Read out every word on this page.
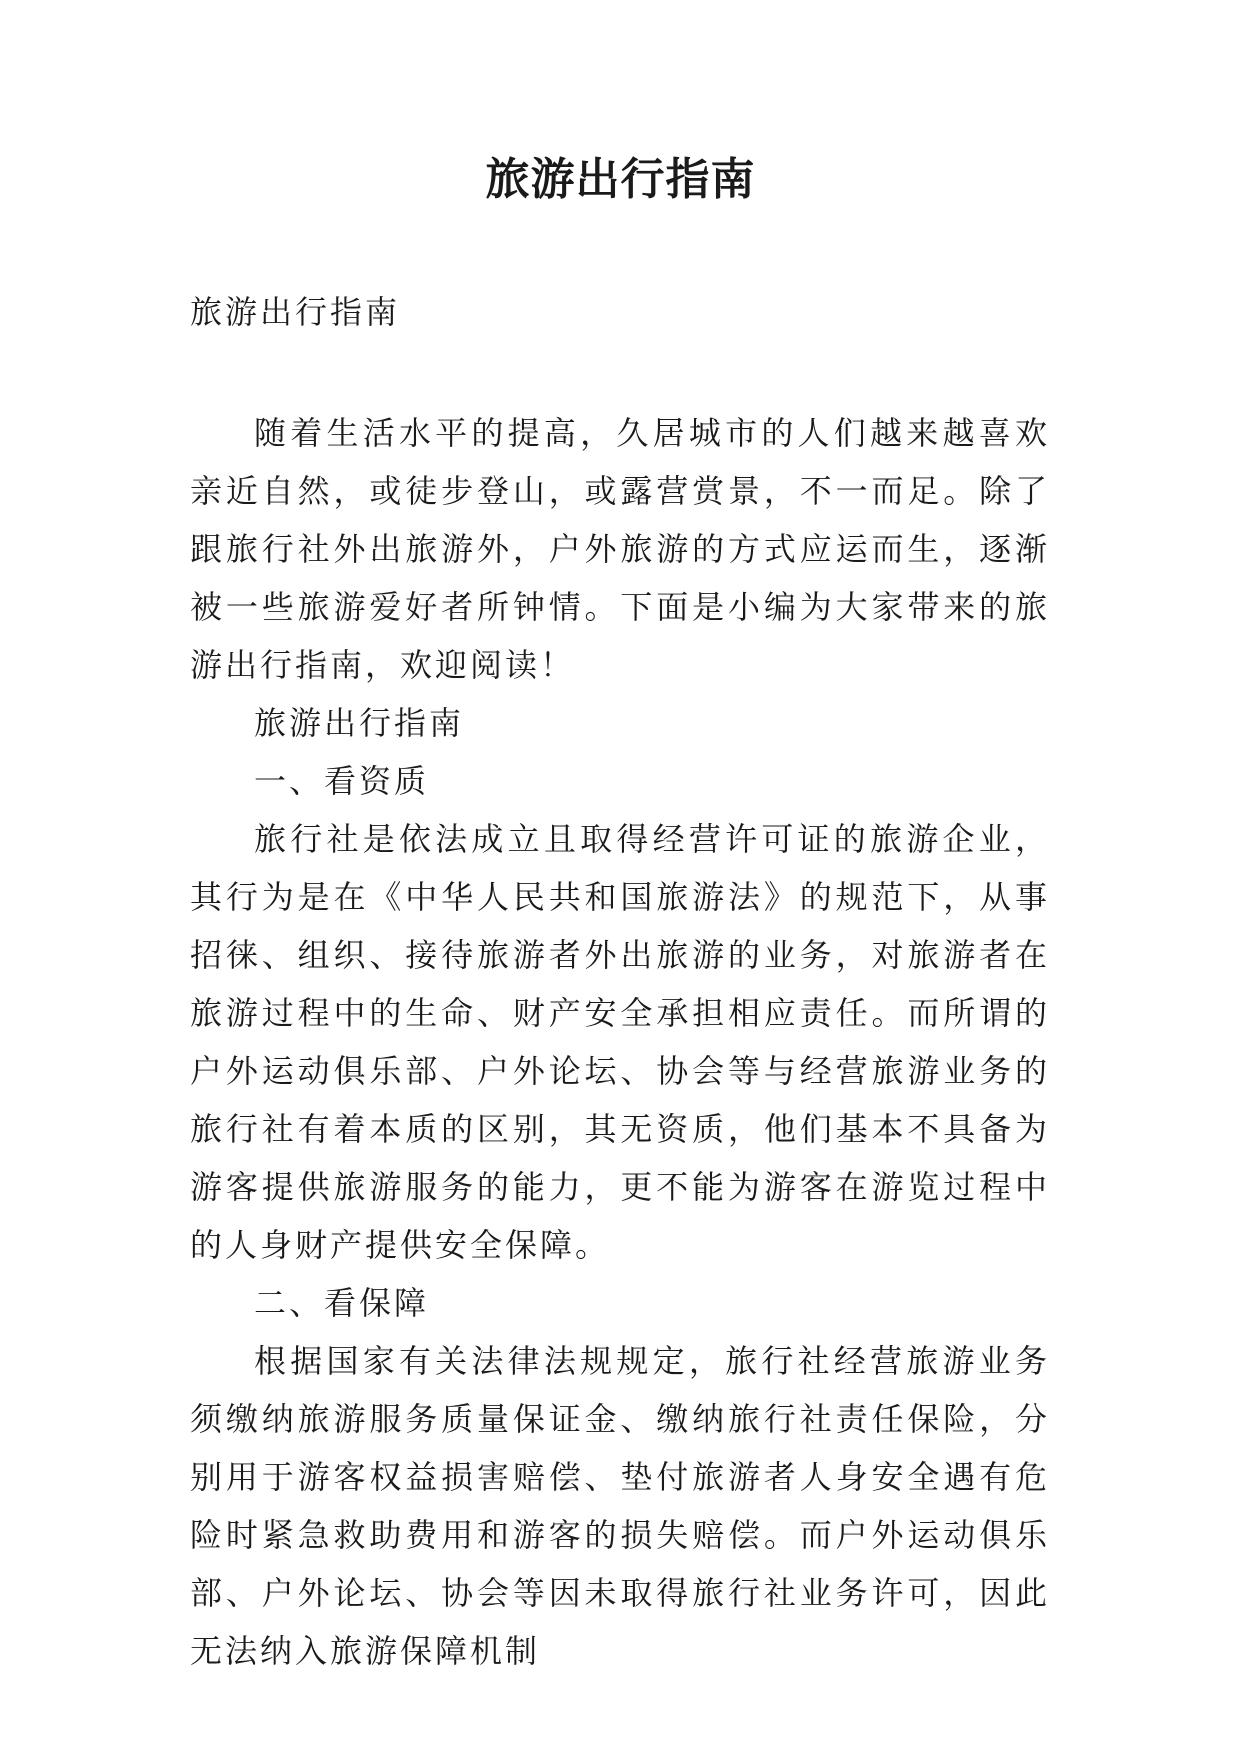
旅游出行指南
旅游出行指南

随着生活水平的提高，久居城市的人们越来越喜欢亲近自然，或徒步登山，或露营赏景，不一而足。除了跟旅行社外出旅游外，户外旅游的方式应运而生，逐渐被一些旅游爱好者所钟情。下面是小编为大家带来的旅游出行指南，欢迎阅读！

旅游出行指南

一、看资质

旅行社是依法成立且取得经营许可证的旅游企业，其行为是在《中华人民共和国旅游法》的规范下，从事招徕、组织、接待旅游者外出旅游的业务，对旅游者在旅游过程中的生命、财产安全承担相应责任。而所谓的户外运动俱乐部、户外论坛、协会等与经营旅游业务的旅行社有着本质的区别，其无资质，他们基本不具备为游客提供旅游服务的能力，更不能为游客在游览过程中的人身财产提供安全保障。

二、看保障

根据国家有关法律法规规定，旅行社经营旅游业务须缴纳旅游服务质量保证金、缴纳旅行社责任保险，分别用于游客权益损害赔偿、垫付旅游者人身安全遇有危险时紧急救助费用和游客的损失赔偿。而户外运动俱乐部、户外论坛、协会等因未取得旅行社业务许可，因此无法纳入旅游保障机制
